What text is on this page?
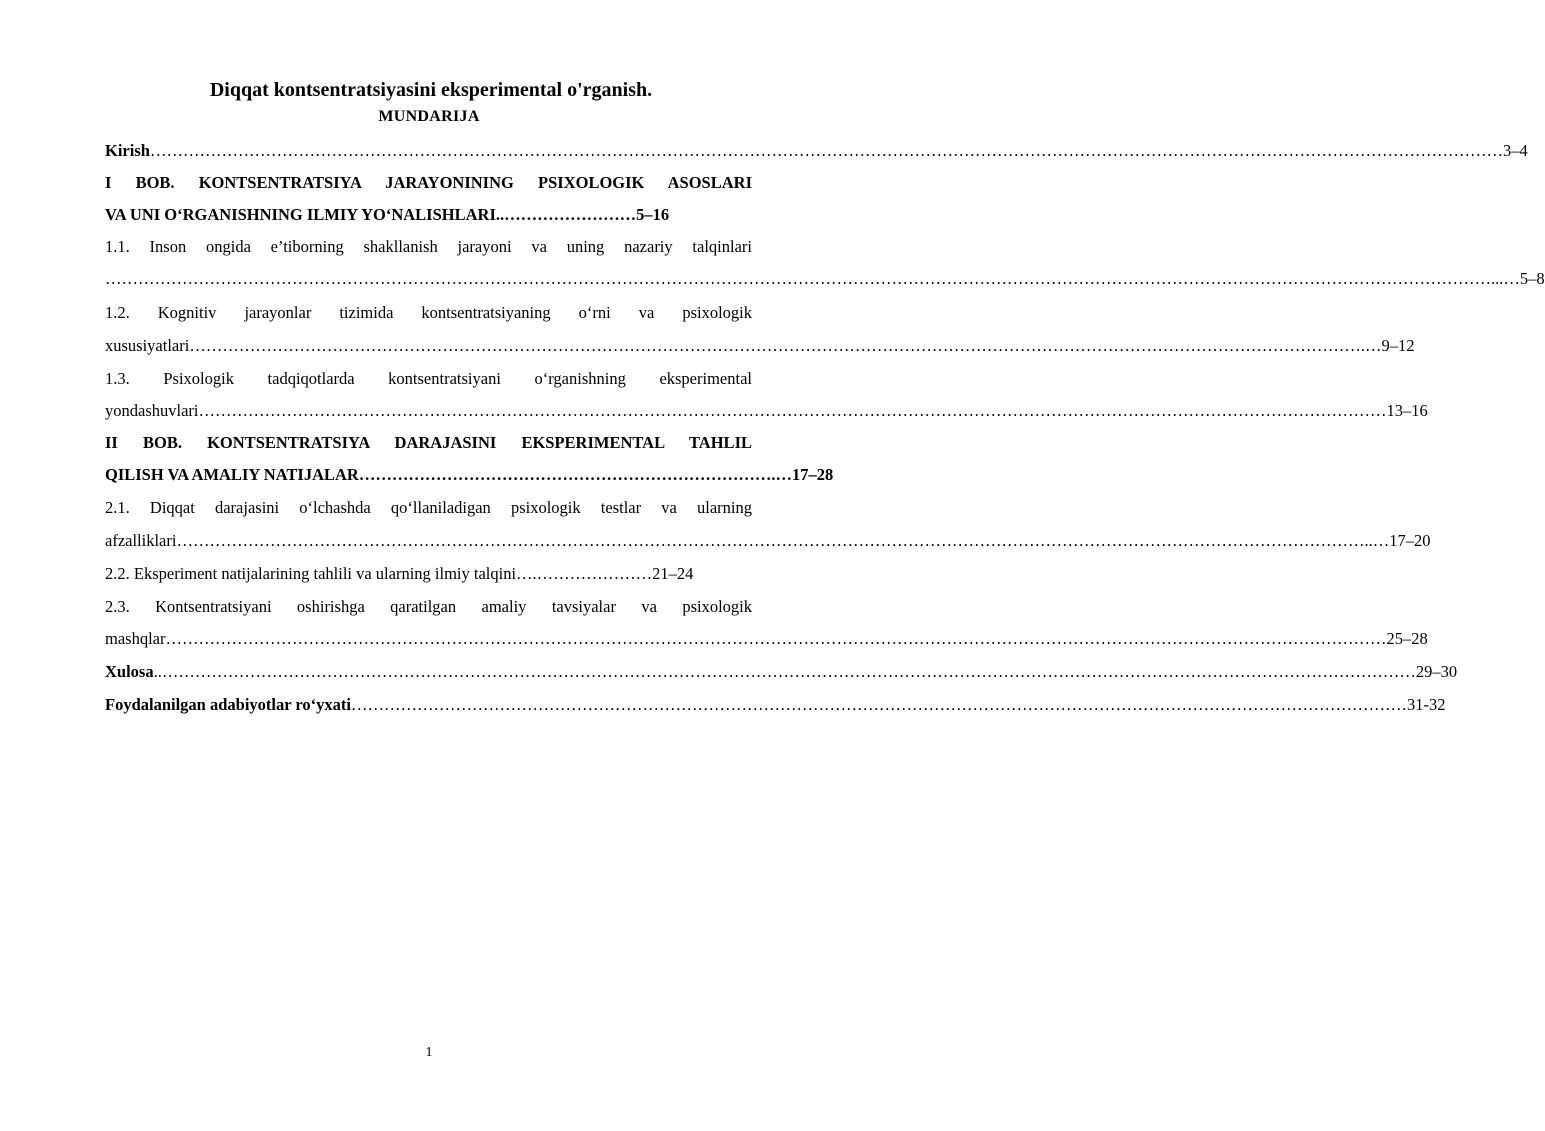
Diqqat kontsentratsiyasini eksperimental o'rganish.
MUNDARIJA
Kirish…………………………………………………………………………………………………………………………………………………………………………………………………………………………3–4
I BOB. KONTSENTRATSIYA JARAYONINING PSIXOLOGIK ASOSLARI
VA UNI O‘RGANISHNING ILMIY YO‘NALISHLARI..……………………5–16
1.1. Inson ongida e’tiborning shakllanish jarayoni va uning nazariy talqinlari
………………………………………………………………………………………………………………………………………………………………………………………………………………………………...…5–8
1.2. Kognitiv jarayonlar tizimida kontsentratsiyaning o‘rni va psixologik
xususiyatlari…………………………………………………………………………………………………………………………………………………………………………………………….…9–12
1.3. Psixologik tadqiqotlarda kontsentratsiyani o‘rganishning eksperimental
yondashuvlari………………………………………………………………………………………………………………………………………………………………………………………………13–16
II BOB. KONTSENTRATSIYA DARAJASINI EKSPERIMENTAL TAHLIL
QILISH VA AMALIY NATIJALAR………………………………………………………………….…17–28
2.1. Diqqat darajasini o‘lchashda qo‘llaniladigan psixologik testlar va ularning
afzalliklari………………………………………………………………………………………………………………………………………………………………………………………………..…17–20
2.2. Eksperiment natijalarining tahlili va ularning ilmiy talqini….…………………21–24
2.3. Kontsentratsiyani oshirishga qaratilgan amaliy tavsiyalar va psixologik
mashqlar……………………………………………………………………………………………………………………………………………………………………………………………………25–28
Xulosa..…………………………………………………………………………………………………………………………………………………………………………………………………………29–30
Foydalanilgan adabiyotlar ro‘yxati…………………………………………………………………………………………………………………………………………………………………………31-32
1
